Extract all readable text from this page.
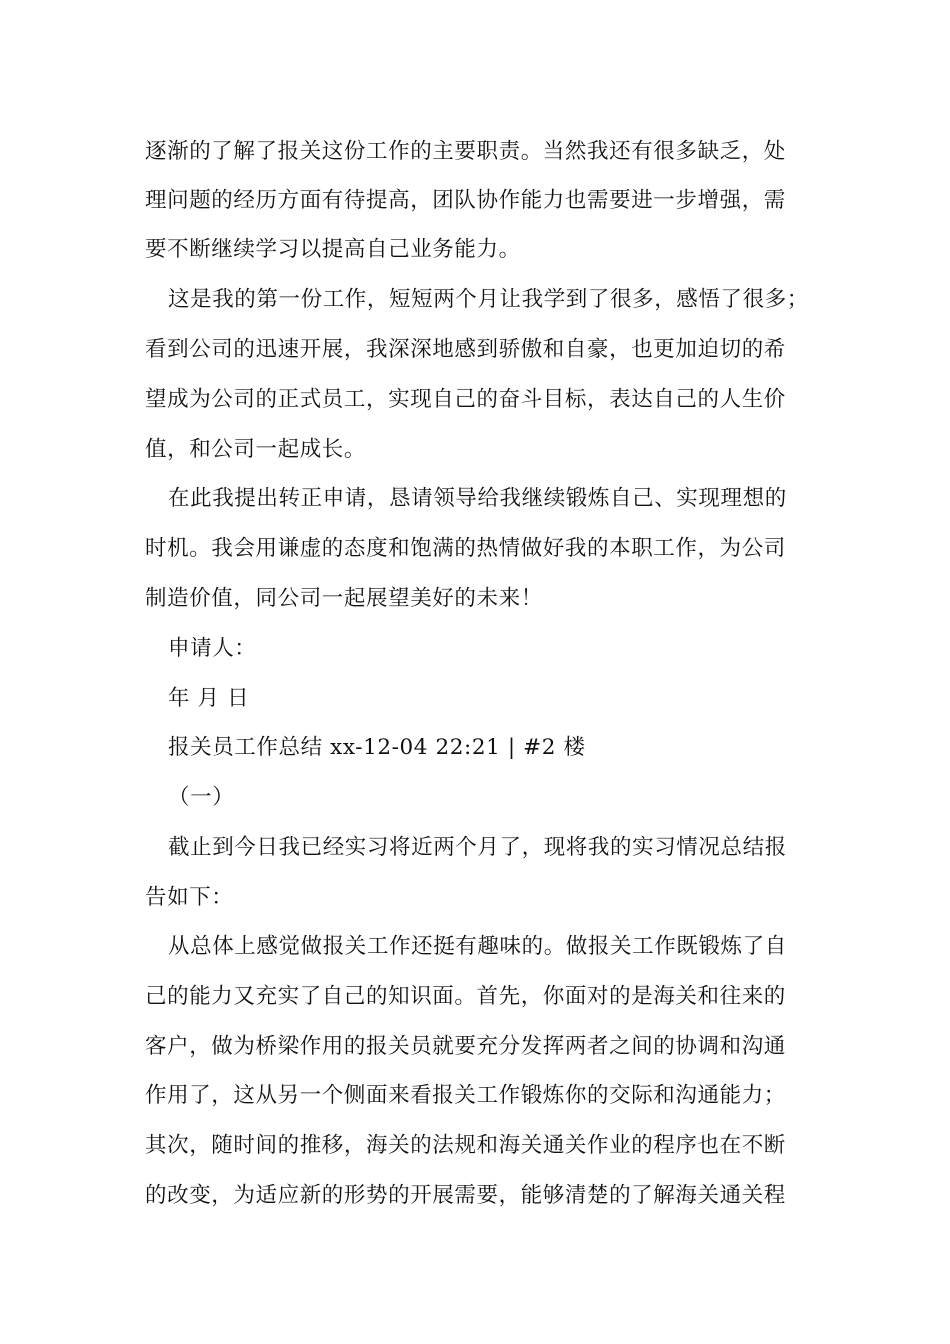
逐渐的了解了报关这份工作的主要职责。当然我还有很多缺乏，处
理问题的经历方面有待提高，团队协作能力也需要进一步增强，需
要不断继续学习以提高自己业务能力。
这是我的第一份工作，短短两个月让我学到了很多，感悟了很多；
看到公司的迅速开展，我深深地感到骄傲和自豪，也更加迫切的希
望成为公司的正式员工，实现自己的奋斗目标，表达自己的人生价
值，和公司一起成长。
在此我提出转正申请，恳请领导给我继续锻炼自己、实现理想的
时机。我会用谦虚的态度和饱满的热情做好我的本职工作，为公司
制造价值，同公司一起展望美好的未来！
申请人：
年 月 日
报关员工作总结 xx-12-04 22:21 | #2 楼
（一）
截止到今日我已经实习将近两个月了，现将我的实习情况总结报
告如下：
从总体上感觉做报关工作还挺有趣味的。做报关工作既锻炼了自
己的能力又充实了自己的知识面。首先，你面对的是海关和往来的
客户，做为桥梁作用的报关员就要充分发挥两者之间的协调和沟通
作用了，这从另一个侧面来看报关工作锻炼你的交际和沟通能力；
其次，随时间的推移，海关的法规和海关通关作业的程序也在不断
的改变，为适应新的形势的开展需要，能够清楚的了解海关通关程
